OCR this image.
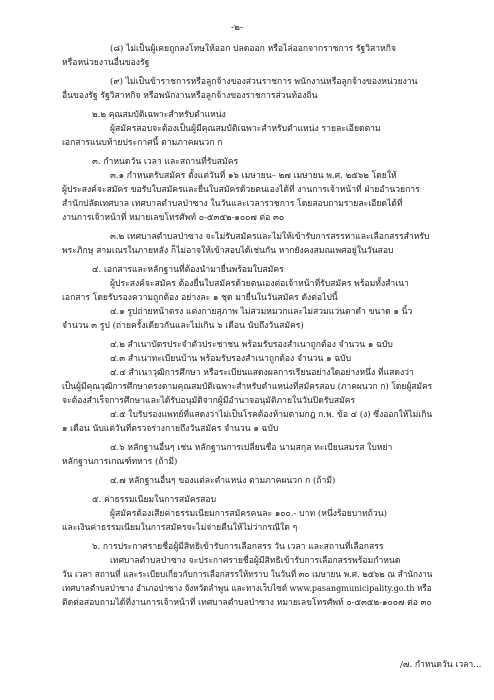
-๒-
(๘) ไม่เป็นผู้เคยถูกลงโทษให้ออก ปลดออก หรือไล่ออกจากราชการ รัฐวิสาหกิจ
หรือหน่วยงานอื่นของรัฐ
(๙) ไม่เป็นข้าราชการหรือลูกจ้างของส่วนราชการ พนักงานหรือลูกจ้างของหน่วยงาน
อื่นของรัฐ รัฐวิสาหกิจ หรือพนักงานหรือลูกจ้างของราชการส่วนท้องถิ่น
๒.๒ คุณสมบัติเฉพาะสำหรับตำแหน่ง
ผู้สมัครสอบจะต้องเป็นผู้มีคุณสมบัติเฉพาะสำหรับตำแหน่ง รายละเอียดตาม
เอกสารแนบท้ายประกาศนี้ ตามภาคผนวก ก
๓. กำหนดวัน เวลา และสถานที่รับสมัคร
๓.๑ กำหนดรับสมัคร ตั้งแต่วันที่ ๑๖ เมษายน– ๒๗ เมษายน พ.ศ. ๒๕๖๒ โดยให้
ผู้ประสงค์จะสมัคร ขอรับใบสมัครและยื่นใบสมัครด้วยตนเองได้ที่ งานการเจ้าหน้าที่ ฝ่ายอำนวยการ
สำนักปลัดเทศบาล เทศบาลตำบลป่าซาง ในวันและเวลาราชการ โดยสอบถามรายละเอียดได้ที่
งานการเจ้าหน้าที่ หมายเลขโทรศัพท์ ๐-๕๓๕๒-๑๐๐๗ ต่อ ๓๐
๓.๒ เทศบาลตำบลป่าซาง จะไม่รับสมัครและไม่ให้เข้ารับการสรรหาและเลือกสรรสำหรับ
พระภิกษุ สามเณรในภายหลัง ก็ไม่อาจให้เข้าสอบได้เช่นกัน หากยังคงสมณเพศอยู่ในวันสอบ
๔. เอกสารและหลักฐานที่ต้องนำมายื่นพร้อมใบสมัคร
ผู้ประสงค์จะสมัคร ต้องยื่นใบสมัครด้วยตนเองต่อเจ้าหน้าที่รับสมัคร พร้อมทั้งสำเนา
เอกสาร โดยรับรองความถูกต้อง อย่างละ ๑ ชุด มายื่นในวันสมัคร ดังต่อไปนี้
๔.๑ รูปถ่ายหน้าตรง แต่งกายสุภาพ ไม่สวมหมวกและไม่สวมแว่นตาดำ ขนาด ๑ นิ้ว
จำนวน ๓ รูป (ถ่ายครั้งเดียวกันและไม่เกิน ๖ เดือน นับถึงวันสมัคร)
๔.๒ สำเนาบัตรประจำตัวประชาชน พร้อมรับรองสำเนาถูกต้อง จำนวน ๑ ฉบับ
๔.๓ สำเนาทะเบียนบ้าน พร้อมรับรองสำเนาถูกต้อง จำนวน ๑ ฉบับ
๔.๔ สำเนาวุฒิการศึกษา หรือระเบียนแสดงผลการเรียนอย่างใดอย่างหนึ่ง ที่แสดงว่า
เป็นผู้มีคุณวุฒิการศึกษาตรงตามคุณสมบัติเฉพาะสำหรับตำแหน่งที่สมัครสอบ (ภาคผนวก ก) โดยผู้สมัคร
จะต้องสำเร็จการศึกษาและได้รับอนุมัติจากผู้มีอำนาจอนุมัติภายในวันปิดรับสมัคร
๔.๕ ใบรับรองแพทย์ที่แสดงว่าไม่เป็นโรคต้องห้ามตามกฎ ก.พ. ข้อ ๔ (ง) ซึ่งออกให้ไม่เกิน
๑ เดือน นับแต่วันที่ตรวจร่างกายถึงวันสมัคร จำนวน ๑ ฉบับ
๔.๖ หลักฐานอื่นๆ เช่น หลักฐานการเปลี่ยนชื่อ นามสกุล ทะเบียนสมรส ใบหย่า
หลักฐานการเกณฑ์ทหาร (ถ้ามี)
๔.๗ หลักฐานอื่นๆ ของแต่ละตำแหน่ง ตามภาคผนวก ก (ถ้ามี)
๕. ค่าธรรมเนียมในการสมัครสอบ
ผู้สมัครต้องเสียค่าธรรมเนียมการสมัครคนละ ๑๐๐.- บาท (หนึ่งร้อยบาทถ้วน)
และเงินค่าธรรมเนียมในการสมัครจะไม่จ่ายคืนให้ไม่ว่ากรณีใด ๆ
๖. การประกาศรายชื่อผู้มีสิทธิเข้ารับการเลือกสรร วัน เวลา และสถานที่เลือกสรร
เทศบาลตำบลป่าซาง จะประกาศรายชื่อผู้มีสิทธิเข้ารับการเลือกสรรพร้อมกำหนด
วัน เวลา สถานที่ และระเบียบเกี่ยวกับการเลือกสรรให้ทราบ ในวันที่ ๓๐ เมษายน พ.ศ. ๒๕๖๒ ณ สำนักงาน
เทศบาลตำบลป่าซาง อำเภอป่าซาง จังหวัดลำพูน และทางเว็บไซต์ www.pasangmunicipality.go.th หรือ
ติดต่อสอบถามได้ที่งานการเจ้าหน้าที่ เทศบาลตำบลป่าซาง หมายเลขโทรศัพท์ ๐-๕๓๕๒-๑๐๐๗ ต่อ ๓๐
/๗. กำหนดวัน เวลา...
